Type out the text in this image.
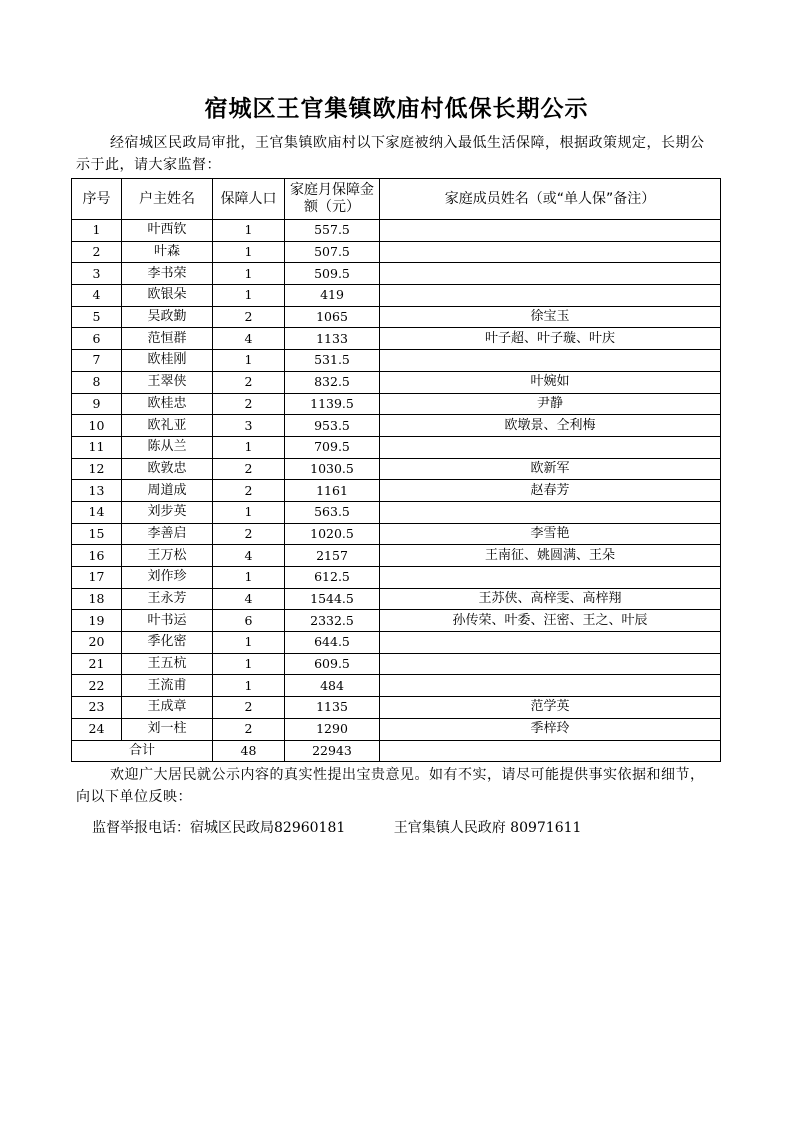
宿城区王官集镇欧庙村低保长期公示
经宿城区民政局审批，王官集镇欧庙村以下家庭被纳入最低生活保障，根据政策规定，长期公示于此，请大家监督：
序号	户主姓名	保障人口	家庭月保障金额（元）	家庭成员姓名（或“单人保”备注）
1	叶西钦	1	557.5	
2	叶森	1	507.5	
3	李书荣	1	509.5	
4	欧银朵	1	419	
5	吴政勤	2	1065	徐宝玉
6	范恒群	4	1133	叶子超、叶子璇、叶庆
7	欧桂刚	1	531.5	
8	王翠侠	2	832.5	叶婉如
9	欧桂忠	2	1139.5	尹静
10	欧礼亚	3	953.5	欧墩景、仝利梅
11	陈从兰	1	709.5	
12	欧敦忠	2	1030.5	欧新军
13	周道成	2	1161	赵春芳
14	刘步英	1	563.5	
15	李善启	2	1020.5	李雪艳
16	王万松	4	2157	王南征、姚圆满、王朵
17	刘作珍	1	612.5	
18	王永芳	4	1544.5	王苏侠、高梓雯、高梓翔
19	叶书运	6	2332.5	孙传荣、叶委、汪密、王之、叶辰
20	季化密	1	644.5	
21	王五杭	1	609.5	
22	王流甫	1	484	
23	王成章	2	1135	范学英
24	刘一柱	2	1290	季梓玲
合计		48	22943	
欢迎广大居民就公示内容的真实性提出宝贵意见。如有不实，请尽可能提供事实依据和细节，向以下单位反映：
监督举报电话：宿城区民政局82960181	王官集镇人民政府 80971611
